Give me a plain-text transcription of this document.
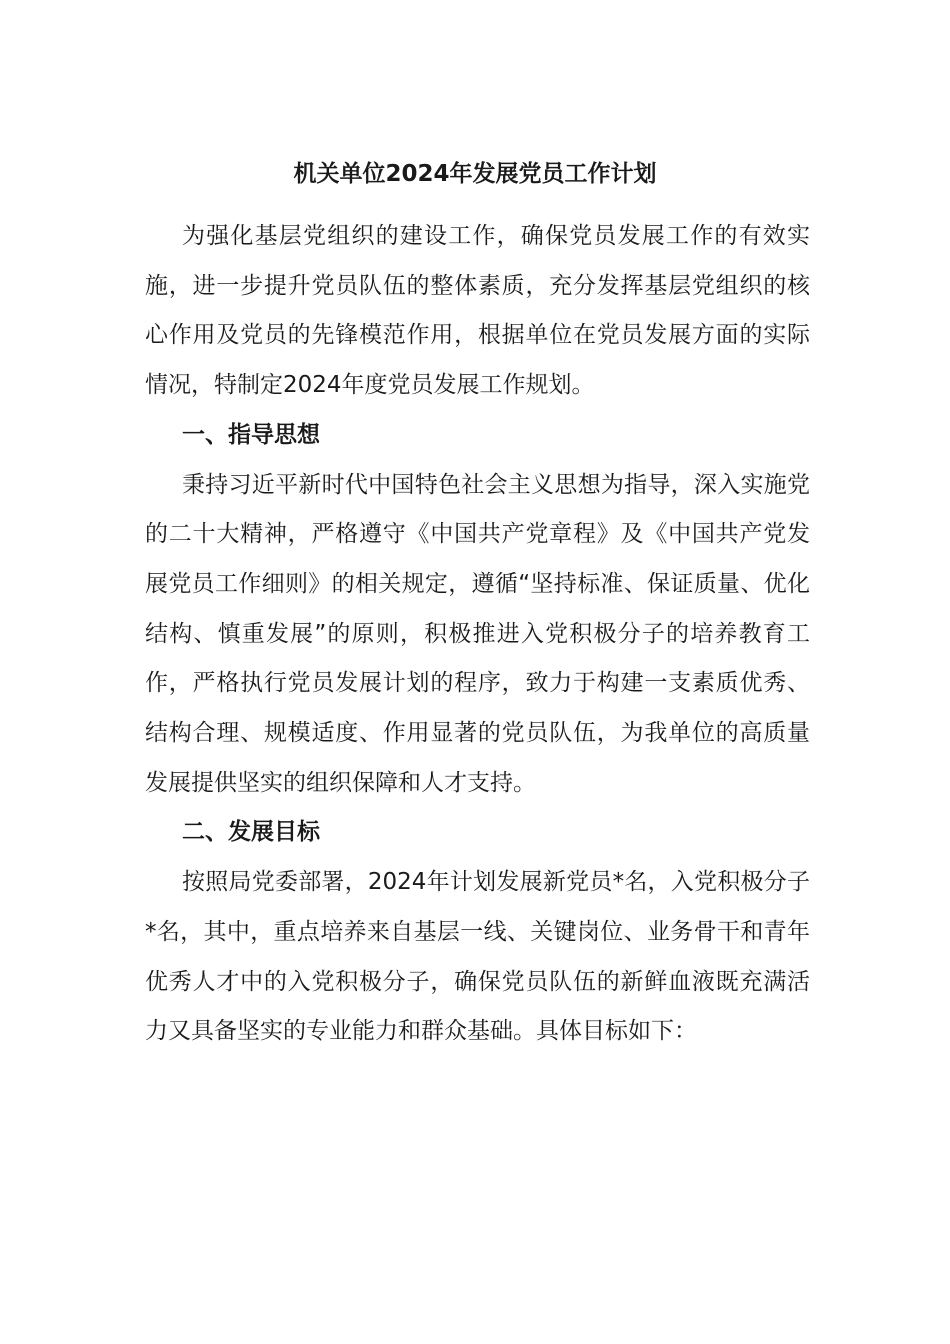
机关单位2024年发展党员工作计划

为强化基层党组织的建设工作，确保党员发展工作的有效实施，进一步提升党员队伍的整体素质，充分发挥基层党组织的核心作用及党员的先锋模范作用，根据单位在党员发展方面的实际情况，特制定2024年度党员发展工作规划。

一、指导思想

秉持习近平新时代中国特色社会主义思想为指导，深入实施党的二十大精神，严格遵守《中国共产党章程》及《中国共产党发展党员工作细则》的相关规定，遵循“坚持标准、保证质量、优化结构、慎重发展”的原则，积极推进入党积极分子的培养教育工作，严格执行党员发展计划的程序，致力于构建一支素质优秀、结构合理、规模适度、作用显著的党员队伍，为我单位的高质量发展提供坚实的组织保障和人才支持。

二、发展目标

按照局党委部署，2024年计划发展新党员*名，入党积极分子*名，其中，重点培养来自基层一线、关键岗位、业务骨干和青年优秀人才中的入党积极分子，确保党员队伍的新鲜血液既充满活力又具备坚实的专业能力和群众基础。具体目标如下：
